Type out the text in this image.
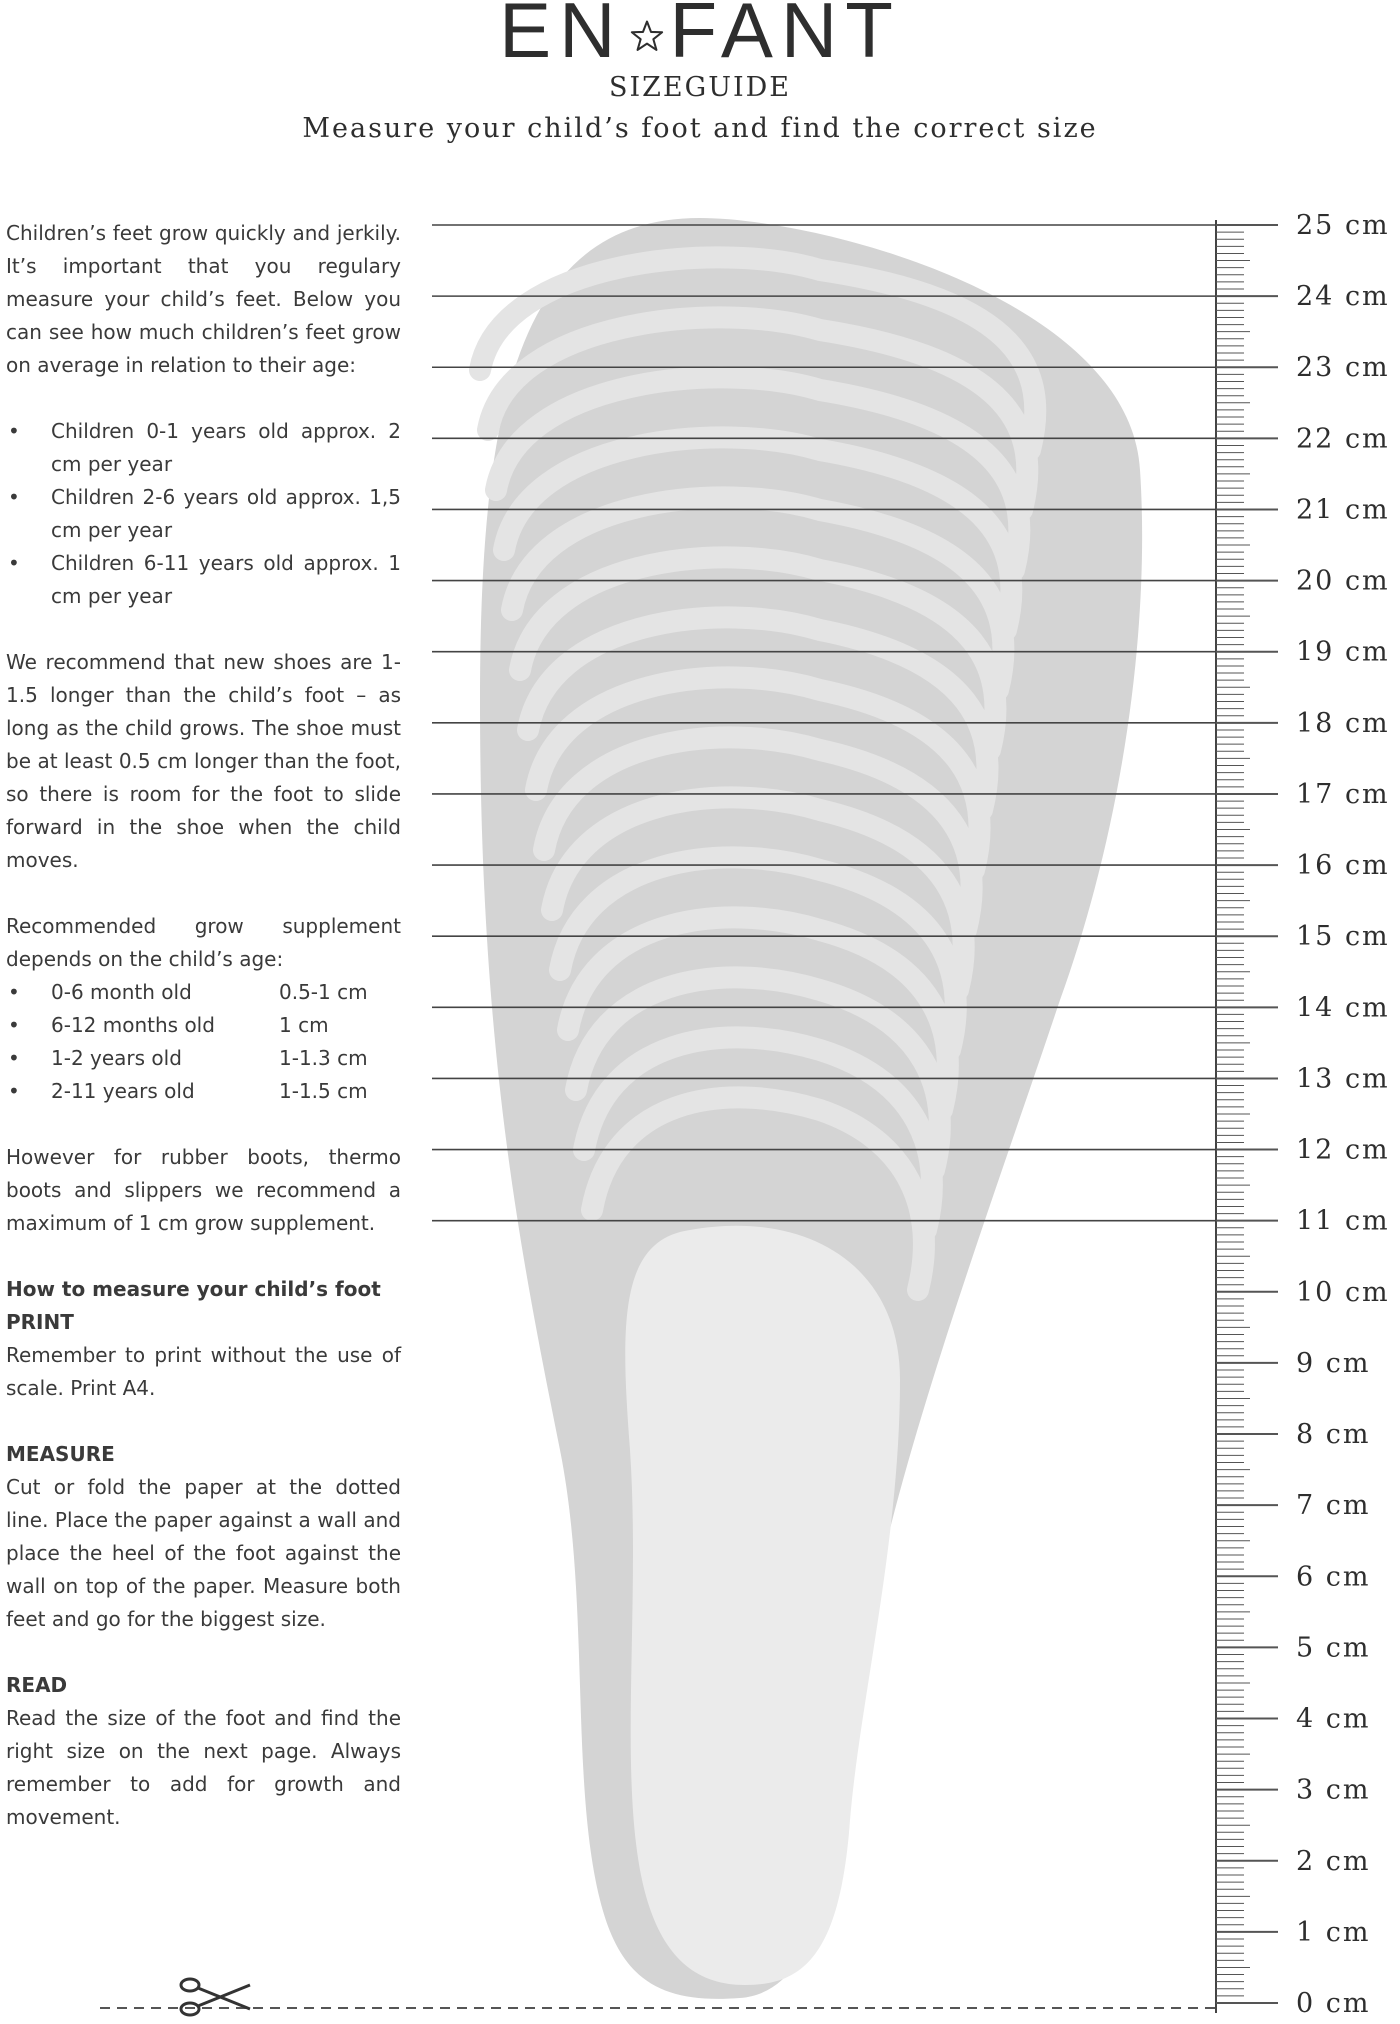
EN FANT
SIZEGUIDE
Measure your child’s foot and find the correct size

Children’s feet grow quickly and jerkily. It’s important that you regulary measure your child’s feet. Below you can see how much children’s feet grow on average in relation to their age:

• Children 0-1 years old approx. 2 cm per year
• Children 2-6 years old approx. 1,5 cm per year
• Children 6-11 years old approx. 1 cm per year

We recommend that new shoes are 1-1.5 longer than the child’s foot – as long as the child grows. The shoe must be at least 0.5 cm longer than the foot, so there is room for the foot to slide forward in the shoe when the child moves.

Recommended grow supplement depends on the child’s age:

• 0-6 month old	0.5-1 cm
• 6-12 months old	1 cm
• 1-2 years old	1-1.3 cm
• 2-11 years old	1-1.5 cm

However for rubber boots, thermo boots and slippers we recommend a maximum of 1 cm grow supplement.

How to measure your child’s foot
PRINT
Remember to print without the use of scale. Print A4.
MEASURE
Cut or fold the paper at the dotted line. Place the paper against a wall and place the heel of the foot against the wall on top of the paper. Measure both feet and go for the biggest size.
READ
Read the size of the foot and find the right size on the next page. Always remember to add for growth and movement.
0 cm
1 cm
2 cm
3 cm
4 cm
5 cm
6 cm
7 cm
8 cm
9 cm
10 cm
11 cm
12 cm
13 cm
14 cm
15 cm
16 cm
17 cm
18 cm
19 cm
20 cm
21 cm
22 cm
23 cm
24 cm
25 cm
